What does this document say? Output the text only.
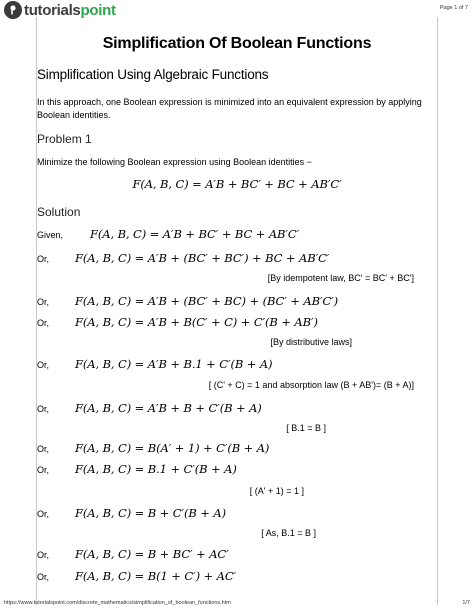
tutorialspoint	Page 1 of 7
Simplification Of Boolean Functions
Simplification Using Algebraic Functions
In this approach, one Boolean expression is minimized into an equivalent expression by applying Boolean identities.
Problem 1
Minimize the following Boolean expression using Boolean identities −
F(A, B, C) = A′B + BC′ + BC + AB′C′
Solution
Given, F(A, B, C) = A′B + BC′ + BC + AB′C′
Or, F(A, B, C) = A′B + (BC′ + BC′) + BC + AB′C′
[By idempotent law, BC' = BC' + BC']
Or, F(A, B, C) = A′B + (BC′ + BC) + (BC′ + AB′C′)
Or, F(A, B, C) = A′B + B(C′ + C) + C′(B + AB′)
[By distributive laws]
Or, F(A, B, C) = A′B + B.1 + C′(B + A)
[ (C' + C) = 1 and absorption law (B + AB')= (B + A)]
Or, F(A, B, C) = A′B + B + C′(B + A)
[ B.1 = B ]
Or, F(A, B, C) = B(A′ + 1) + C′(B + A)
Or, F(A, B, C) = B.1 + C′(B + A)
[ (A' + 1) = 1 ]
Or, F(A, B, C) = B + C′(B + A)
[ As, B.1 = B ]
Or, F(A, B, C) = B + BC′ + AC′
Or, F(A, B, C) = B(1 + C′) + AC′
https://www.tutorialspoint.com/discrete_mathematics/simplification_of_boolean_functions.htm	1/7
